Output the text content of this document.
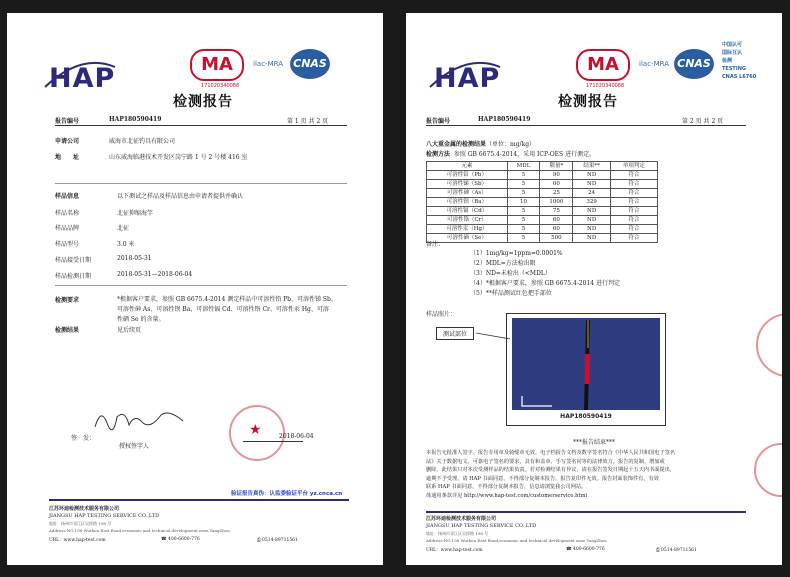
HAP	MA	ilac-MRA CNAS
171020340088
检测报告
报告编号	HAP180590419	第 1 页 共 2 页
申请公司	威海市北征钓具有限公司
地　　址	山东威海临港技术开发区岗宁路 1 号 2 号楼 416 室
样品信息	以下测试之样品及样品信息由申请者提供并确认
样品名称	北征抑缩海竿
样品品牌	北征
样品型号	3.0 米
样品接受日期	2018-05-31
样品检测日期	2018-05-31—2018-06-04
检测要求	*根据客户要求，参照 GB 6675.4-2014 测定样品中可溶性铅 Pb、可溶性锑 Sb、
可溶性砷 As、可溶性钡 Ba、可溶性镉 Cd、可溶性铬 Cr、可溶性汞 Hg、可溶
性硒 Se 的含量。
检测结果	见后续页
签　发：
授权签字人
★	2018-06-04
验证报告真伪：认监委验证平台 yz.cnca.cn
江苏环迪检测技术服务有限公司
JIANGSU HAP TESTING SERVICE CO.,LTD
地址：扬州市邗江区吴桥路 198 号
Address:NO.198 Wuthou East Road,economic and technical development zone,YangZhou
URL：www.hap-test.com	☎ 400-6600-776	⎙ 0514-89711561
HAP	MA	ilac-MRA CNAS
中国认可
国际互认
检测
TESTING
CNAS L6760
171020340088
检测报告
报告编号	HAP180590419	第 2 页 共 2 页
八大重金属的检测结果（单位：mg/kg）
检测方法 参照 GB 6675.4-2014，采用 ICP-OES 进行测定。
元素	MDL	限量*	结果**	单项判定
可溶性铅（Pb）	5	90	ND	符合
可溶性锑（Sb）	5	60	ND	符合
可溶性砷（As）	5	25	24	符合
可溶性钡（Ba）	10	1000	329	符合
可溶性镉（Cd）	5	75	ND	符合
可溶性铬（Cr）	5	60	ND	符合
可溶性汞（Hg）	5	60	ND	符合
可溶性硒（Se）	5	500	ND	符合
备注：
（1）1mg/kg=1ppm=0.0001%
（2）MDL=方法检出限
（3）ND=未检出（<MDL）
（4）*根据客户要求，参照 GB 6675.4-2014 进行判定
（5）**样品测试红色把手部位
样品照片：
测试部位
HAP180590419
***报告结束***
本报告无批准人签字、报告专用章及骑缝章无效。电子档报告文档及数字签名符合《中华人民共和国电子签名
法》关于数据电文、可靠电子签名的要求，具有和盖章、手写签名同等的法律效力。报告的复制、增加或
删除，此结果只对本次受测样品的结果负责。若对检测结果有异议，请在报告签发日期起十五天内书面提出，
逾期不予受理。请 HAP 书面同意，不得部分复制本报告。报告复印件无效。报告封面装饰件有，有效
联系 HAP 书面同意，不得部分复制本报告，信息请浏览我公司网站。
体通用条款详见 http://www.hap-test.com/customerservice.html
江苏环迪检测技术服务有限公司
JIANGSU HAP TESTING SERVICE CO.,LTD
地址：扬州市邗江区吴桥路 198 号
Address:NO.198 Wuthou East Road,economic and technical development zone,YangZhou
URL：www.hap-test.com	☎ 400-6600-776	⎙ 0514-89711561
